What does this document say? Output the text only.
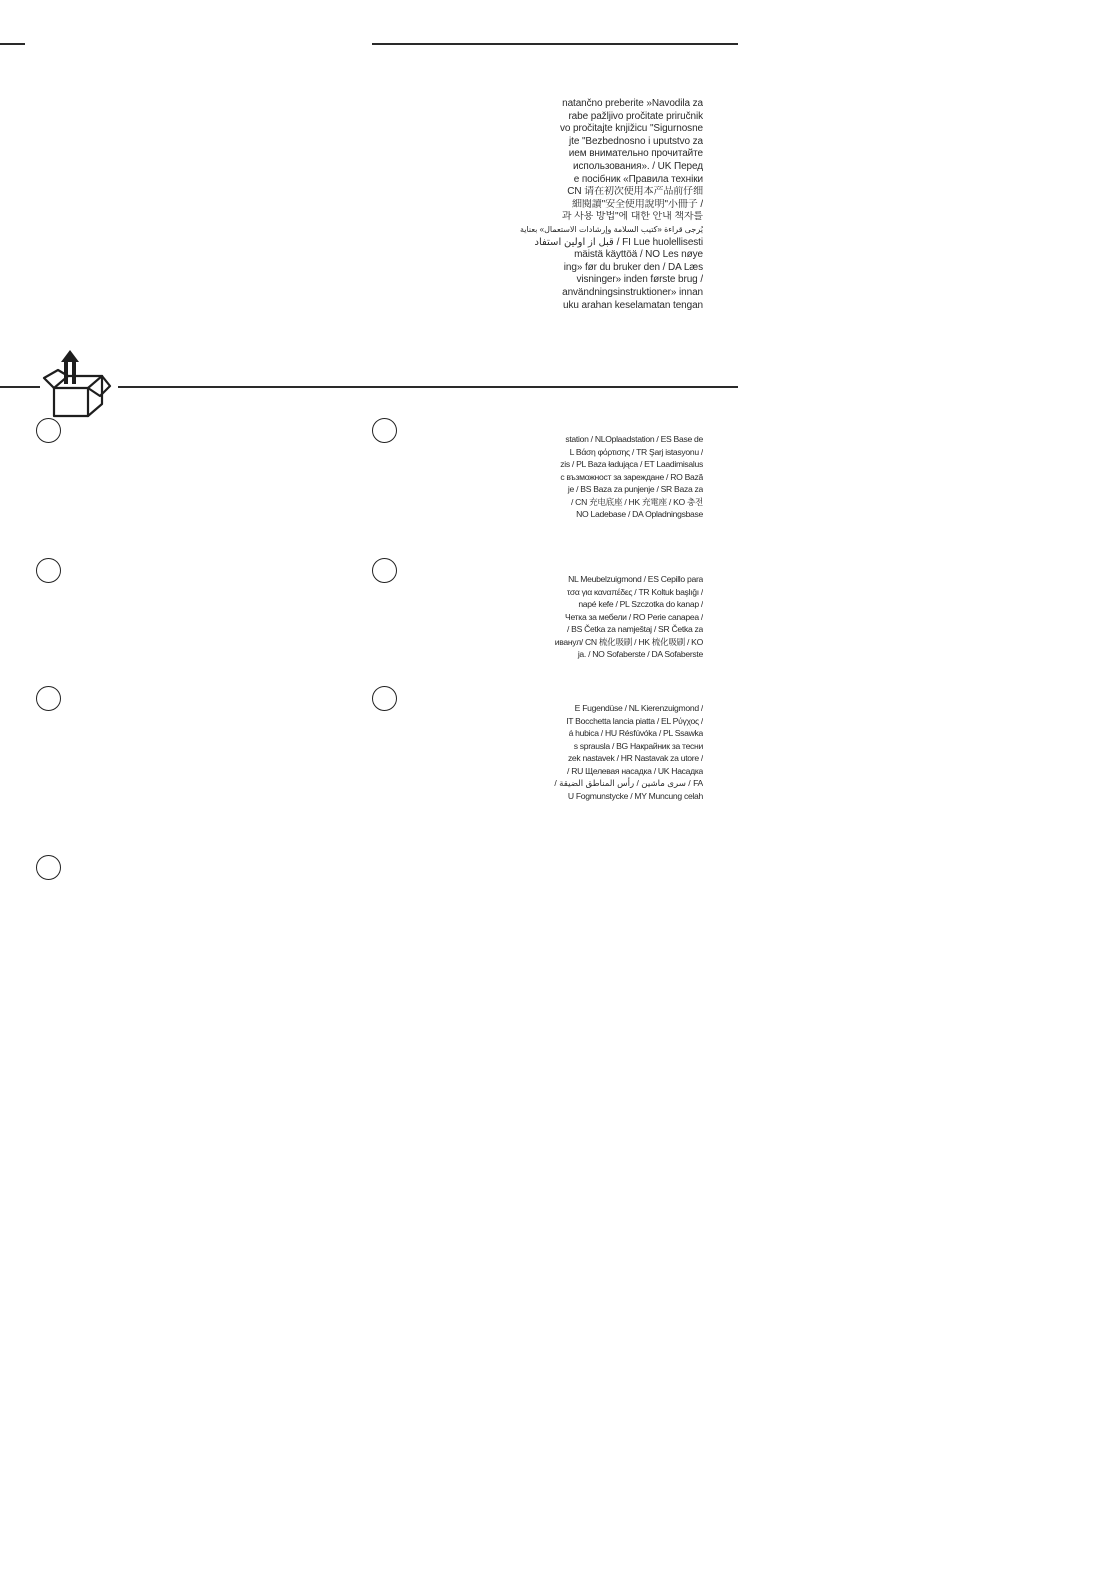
natančno preberite »Navodila za
rabe pažljivo pročitate priručnik
vo pročitajte knjižicu "Sigurnosne
jte "Bezbednosno i uputstvo za
ием внимательно прочитайте
использования». / UK Перед
е посібник «Правила техніки
CN 请在初次使用本产品前仔细
細閱讀"安全使用說明"小冊子 /
과 사용 방법"에 대한 안내 책자를
يُرجى قراءة «كتيب السلامة وإرشادات الاستعمال» بعناية
قبل از اولین استفاد / FI Lue huolellisesti
mäistä käyttöä / NO Les nøye
ing» før du bruker den / DA Læs
visninger» inden første brug /
användningsinstruktioner» innan
uku arahan keselamatan tengan
station / NLOplaadstation / ES Base de
L Βάση φόρτισης / TR Şarj istasyonu /
zis / PL Baza ładująca / ET Laadimisalus
с възможност за зареждане / RO Bază
je / BS Baza za punjenje / SR Baza za
/ CN 充电底座 / HK 充電座 / KO 충전
NO Ladebase / DA Opladningsbase
NL Meubelzuigmond / ES Cepillo para
τσα για καναπέδες / TR Koltuk başlığı /
napé kefe / PL Szczotka do kanap /
Четка за мебели / RO Perie canapea /
/ BS Četka za namještaj / SR Četka za
иванул/ CN 梳化吸刷 / HK 梳化吸刷 / KO
ja. / NO Sofaberste / DA Sofaberste
E Fugendüse / NL Kierenzuigmond /
IT Bocchetta lancia piatta / EL Ρύγχος /
á hubica / HU Résfúvóka / PL Ssawka
s sprausla / BG Накрайник за тесни
zek nastavek / HR Nastavak za utore /
/ RU Щелевая насадка / UK Насадка
/ سری ماشین / رأس المناطق الضيقة / FA
U Fogmunstycke / MY Muncung celah
